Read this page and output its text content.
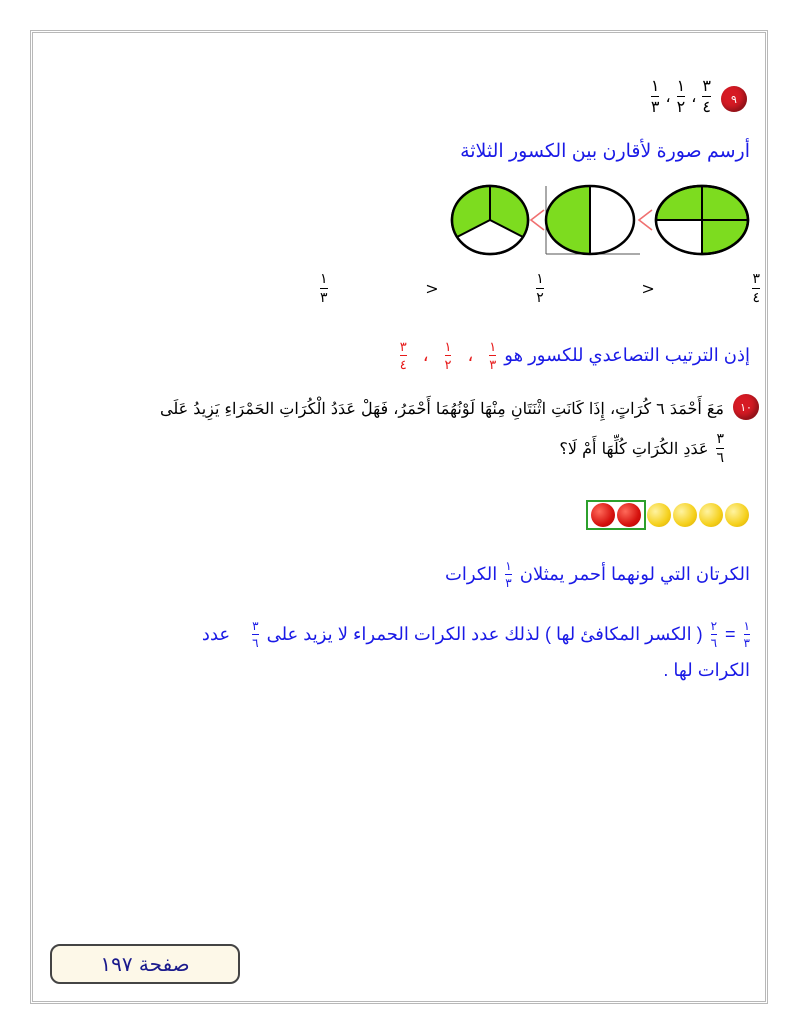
٩
$\frac{٣}{٤}$
،
$\frac{١}{٢}$
،
$\frac{١}{٣}$
أرسم صورة لأقارن بين الكسور الثلاثة
$\frac{٣}{٤}$
<
$\frac{١}{٢}$
<
$\frac{١}{٣}$
إذن الترتيب التصاعدي للكسور هو
$\frac{١}{٣}$
،
$\frac{١}{٢}$
،
$\frac{٣}{٤}$
١٠
مَعَ أَحْمَدَ ٦ كُرَاتٍ، إِذَا كَانَتِ اثْنَتَانِ مِنْهَا لَوْنُهُمَا أَحْمَرُ، فَهَلْ عَدَدُ الْكُرَاتِ الحَمْرَاءِ يَزِيدُ عَلَى
$\frac{٣}{٦}$
عَدَدِ الكُرَاتِ كُلِّهَا أَمْ لَا؟
الكرتان التي لونهما أحمر يمثلان
$\frac{١}{٣}$
الكرات
$\frac{١}{٣}$
=
$\frac{٢}{٦}$
( الكسر المكافئ لها ) لذلك عدد الكرات الحمراء لا يزيد على
$\frac{٣}{٦}$
عدد
الكرات لها .
صفحة ١٩٧
